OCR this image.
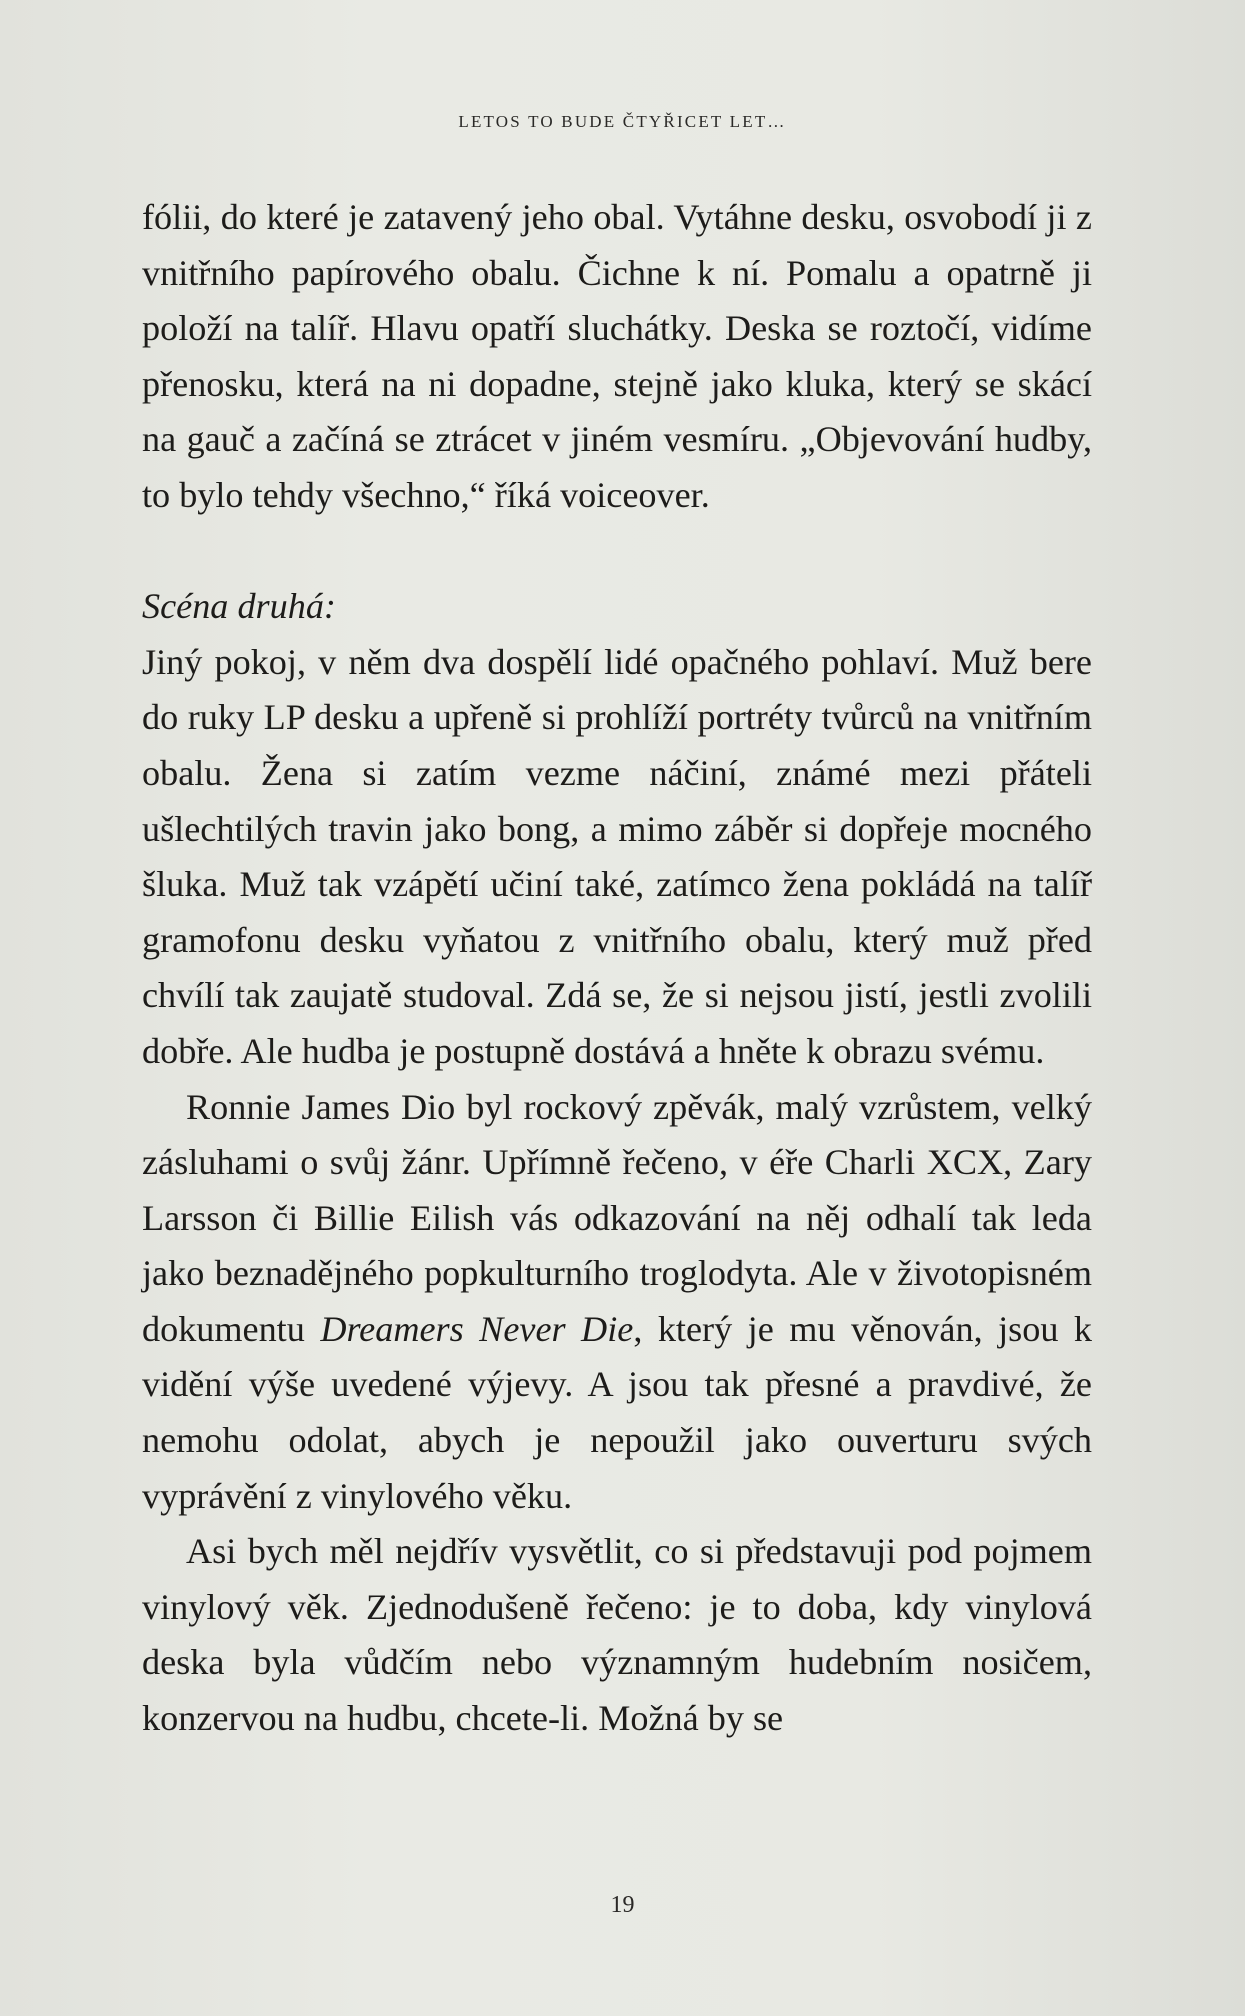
LETOS TO BUDE ČTYŘICET LET…

fólii, do které je zatavený jeho obal. Vytáhne desku, osvobodí ji z vnitřního papírového obalu. Čichne k ní. Pomalu a opatrně ji položí na talíř. Hlavu opatří sluchátky. Deska se roztočí, vidíme přenosku, která na ni dopadne, stejně jako kluka, který se skácí na gauč a začíná se ztrácet v jiném vesmíru. „Objevování hudby, to bylo tehdy všechno,“ říká voiceover.

Scéna druhá:

Jiný pokoj, v něm dva dospělí lidé opačného pohlaví. Muž bere do ruky LP desku a upřeně si prohlíží portréty tvůrců na vnitřním obalu. Žena si zatím vezme náčiní, známé mezi přáteli ušlechtilých travin jako bong, a mimo záběr si dopřeje mocného šluka. Muž tak vzápětí učiní také, zatímco žena pokládá na talíř gramofonu desku vyňatou z vnitřního obalu, který muž před chvílí tak zaujatě studoval. Zdá se, že si nejsou jistí, jestli zvolili dobře. Ale hudba je postupně dostává a hněte k obrazu svému.

Ronnie James Dio byl rockový zpěvák, malý vzrůstem, velký zásluhami o svůj žánr. Upřímně řečeno, v éře Charli XCX, Zary Larsson či Billie Eilish vás odkazování na něj odhalí tak leda jako beznadějného popkulturního troglodyta. Ale v životopisném dokumentu Dreamers Never Die, který je mu věnován, jsou k vidění výše uvedené výjevy. A jsou tak přesné a pravdivé, že nemohu odolat, abych je nepoužil jako ouverturu svých vyprávění z vinylového věku.

Asi bych měl nejdřív vysvětlit, co si představuji pod pojmem vinylový věk. Zjednodušeně řečeno: je to doba, kdy vinylová deska byla vůdčím nebo významným hudebním nosičem, konzervou na hudbu, chcete-li. Možná by se

19
